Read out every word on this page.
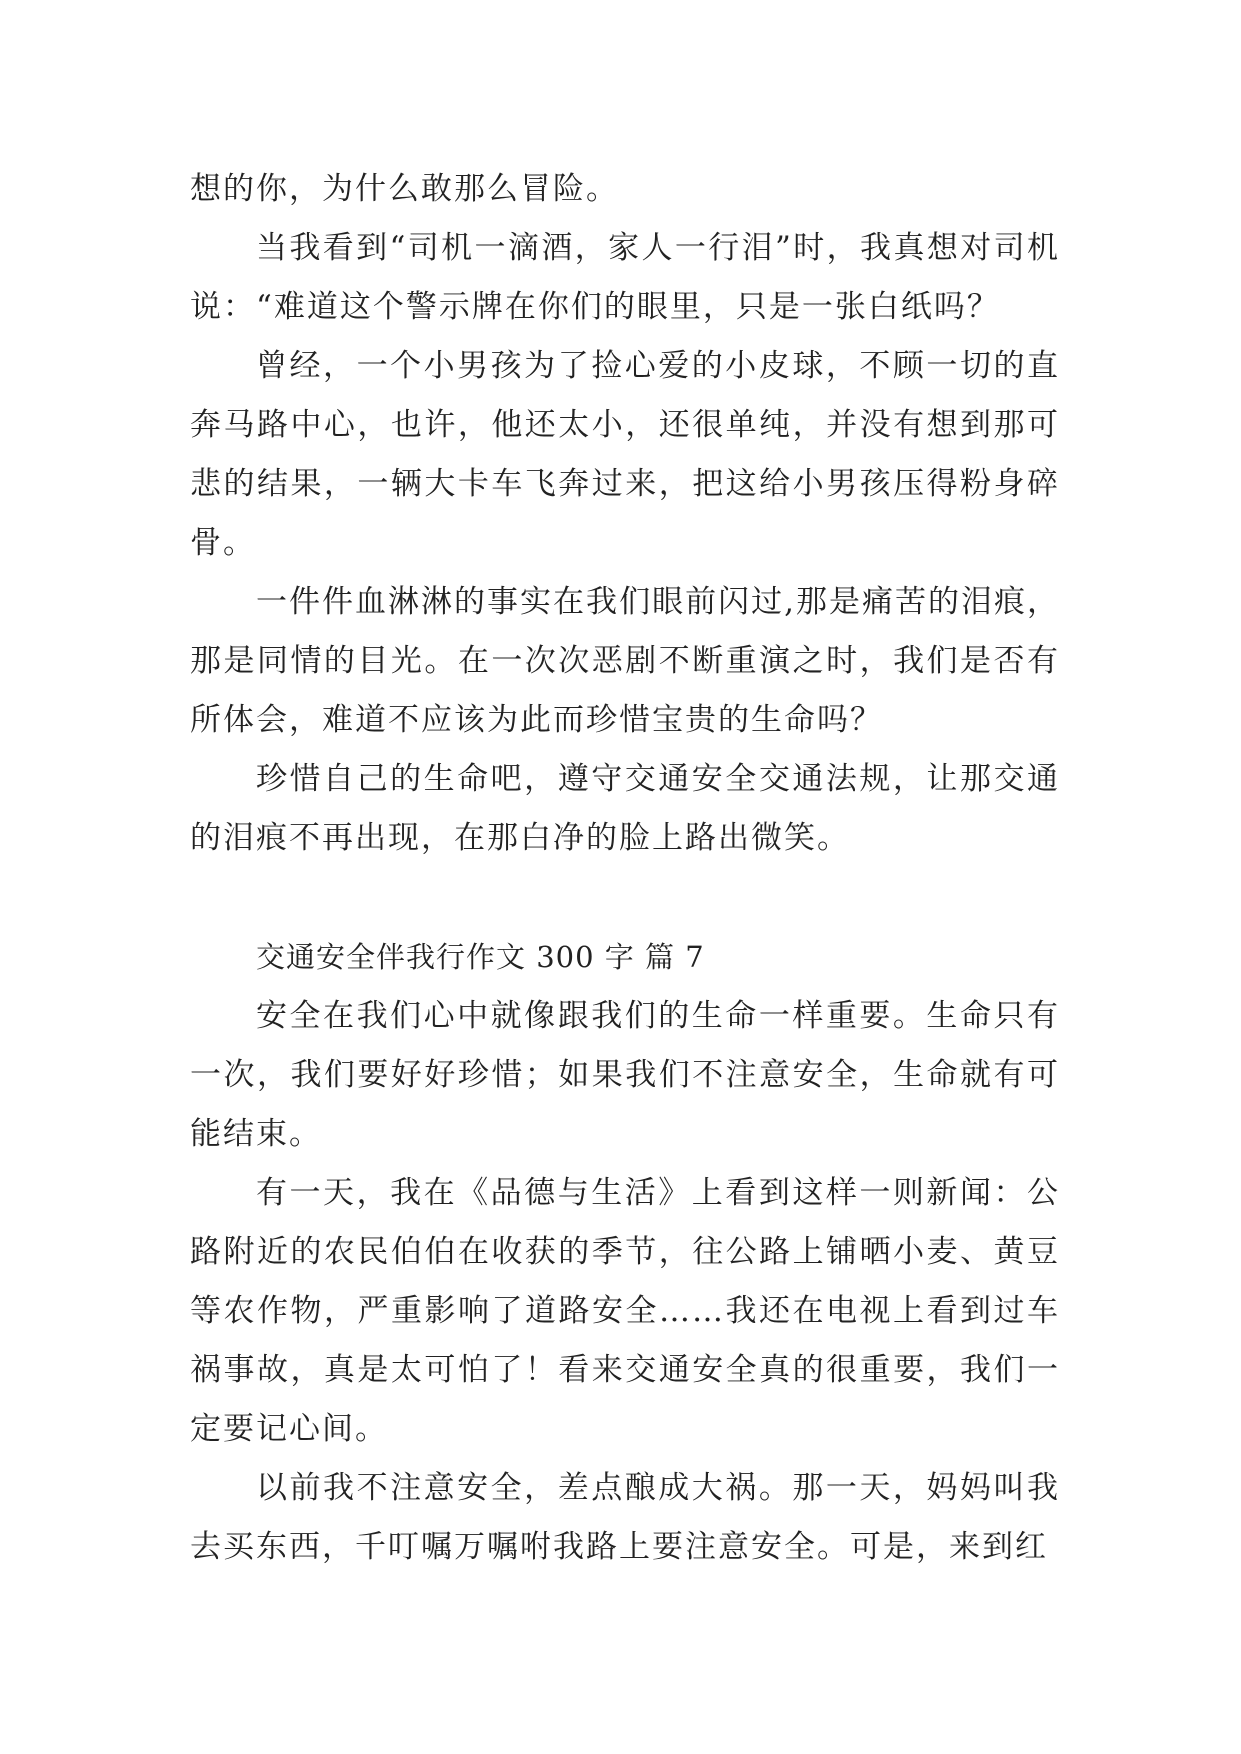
想的你，为什么敢那么冒险。

当我看到“司机一滴酒，家人一行泪”时，我真想对司机说：“难道这个警示牌在你们的眼里，只是一张白纸吗？

曾经，一个小男孩为了捡心爱的小皮球，不顾一切的直奔马路中心，也许，他还太小，还很单纯，并没有想到那可悲的结果，一辆大卡车飞奔过来，把这给小男孩压得粉身碎骨。

一件件血淋淋的事实在我们眼前闪过,那是痛苦的泪痕，那是同情的目光。在一次次恶剧不断重演之时，我们是否有所体会，难道不应该为此而珍惜宝贵的生命吗？

珍惜自己的生命吧，遵守交通安全交通法规，让那交通的泪痕不再出现，在那白净的脸上路出微笑。

交通安全伴我行作文 300 字 篇 7

安全在我们心中就像跟我们的生命一样重要。生命只有一次，我们要好好珍惜；如果我们不注意安全，生命就有可能结束。

有一天，我在《品德与生活》上看到这样一则新闻：公路附近的农民伯伯在收获的季节，往公路上铺晒小麦、黄豆等农作物，严重影响了道路安全……我还在电视上看到过车祸事故，真是太可怕了！看来交通安全真的很重要，我们一定要记心间。

以前我不注意安全，差点酿成大祸。那一天，妈妈叫我去买东西，千叮嘱万嘱咐我路上要注意安全。可是，来到红
